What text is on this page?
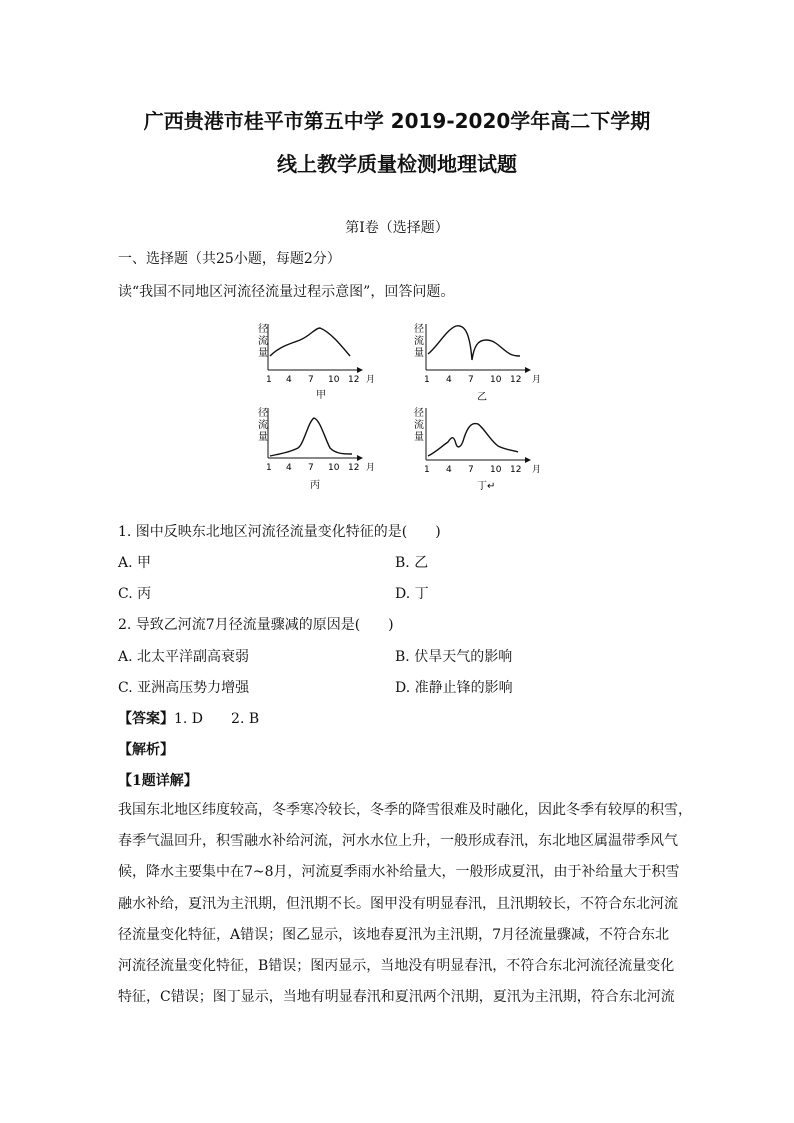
广西贵港市桂平市第五中学 2019-2020学年高二下学期
线上教学质量检测地理试题
第I卷（选择题）
一、选择题（共25小题，每题2分）
读“我国不同地区河流径流量过程示意图”，回答问题。
径
流
量
1 4 7 10 12 月
甲
径
流
量
1 4 7 10 12 月
乙
径
流
量
1 4 7 10 12 月
丙
径
流
量
1 4 7 10 12 月
丁↵
1. 图中反映东北地区河流径流量变化特征的是(　　)
A. 甲	B. 乙
C. 丙	D. 丁
2. 导致乙河流7月径流量骤减的原因是(　　)
A. 北太平洋副高衰弱	B. 伏旱天气的影响
C. 亚洲高压势力增强	D. 准静止锋的影响
【答案】1. D　　2. B
【解析】
【1题详解】
我国东北地区纬度较高，冬季寒冷较长，冬季的降雪很难及时融化，因此冬季有较厚的积雪，
春季气温回升，积雪融水补给河流，河水水位上升，一般形成春汛，东北地区属温带季风气
候，降水主要集中在7~8月，河流夏季雨水补给量大，一般形成夏汛，由于补给量大于积雪
融水补给，夏汛为主汛期，但汛期不长。图甲没有明显春汛，且汛期较长，不符合东北河流
径流量变化特征，A错误；图乙显示，该地春夏汛为主汛期，7月径流量骤减，不符合东北
河流径流量变化特征，B错误；图丙显示，当地没有明显春汛，不符合东北河流径流量变化
特征，C错误；图丁显示，当地有明显春汛和夏汛两个汛期，夏汛为主汛期，符合东北河流
